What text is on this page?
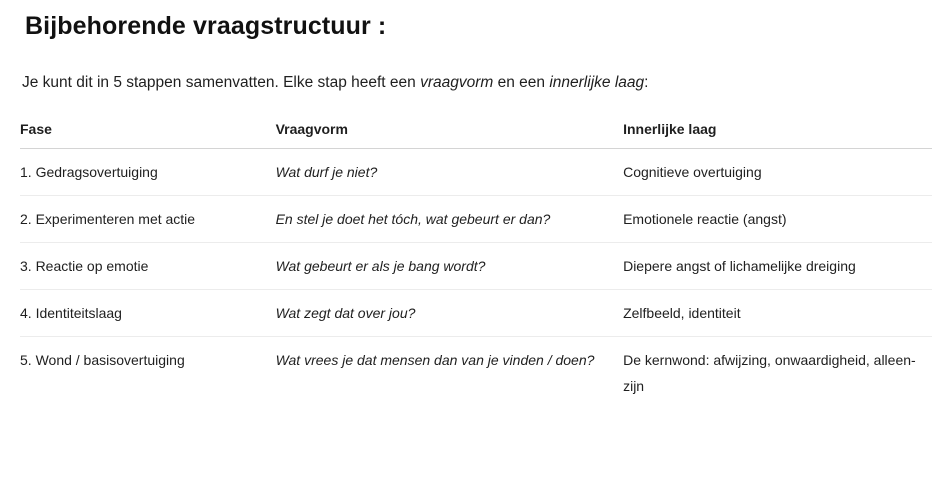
Bijbehorende vraagstructuur :
Je kunt dit in 5 stappen samenvatten. Elke stap heeft een vraagvorm en een innerlijke laag:
Fase	Vraagvorm	Innerlijke laag
1. Gedragsovertuiging	Wat durf je niet?	Cognitieve overtuiging
2. Experimenteren met actie	En stel je doet het tóch, wat gebeurt er dan?	Emotionele reactie (angst)
3. Reactie op emotie	Wat gebeurt er als je bang wordt?	Diepere angst of lichamelijke dreiging
4. Identiteitslaag	Wat zegt dat over jou?	Zelfbeeld, identiteit
5. Wond / basisovertuiging	Wat vrees je dat mensen dan van je vinden / doen?	De kernwond: afwijzing, onwaardigheid, alleen-zijn
